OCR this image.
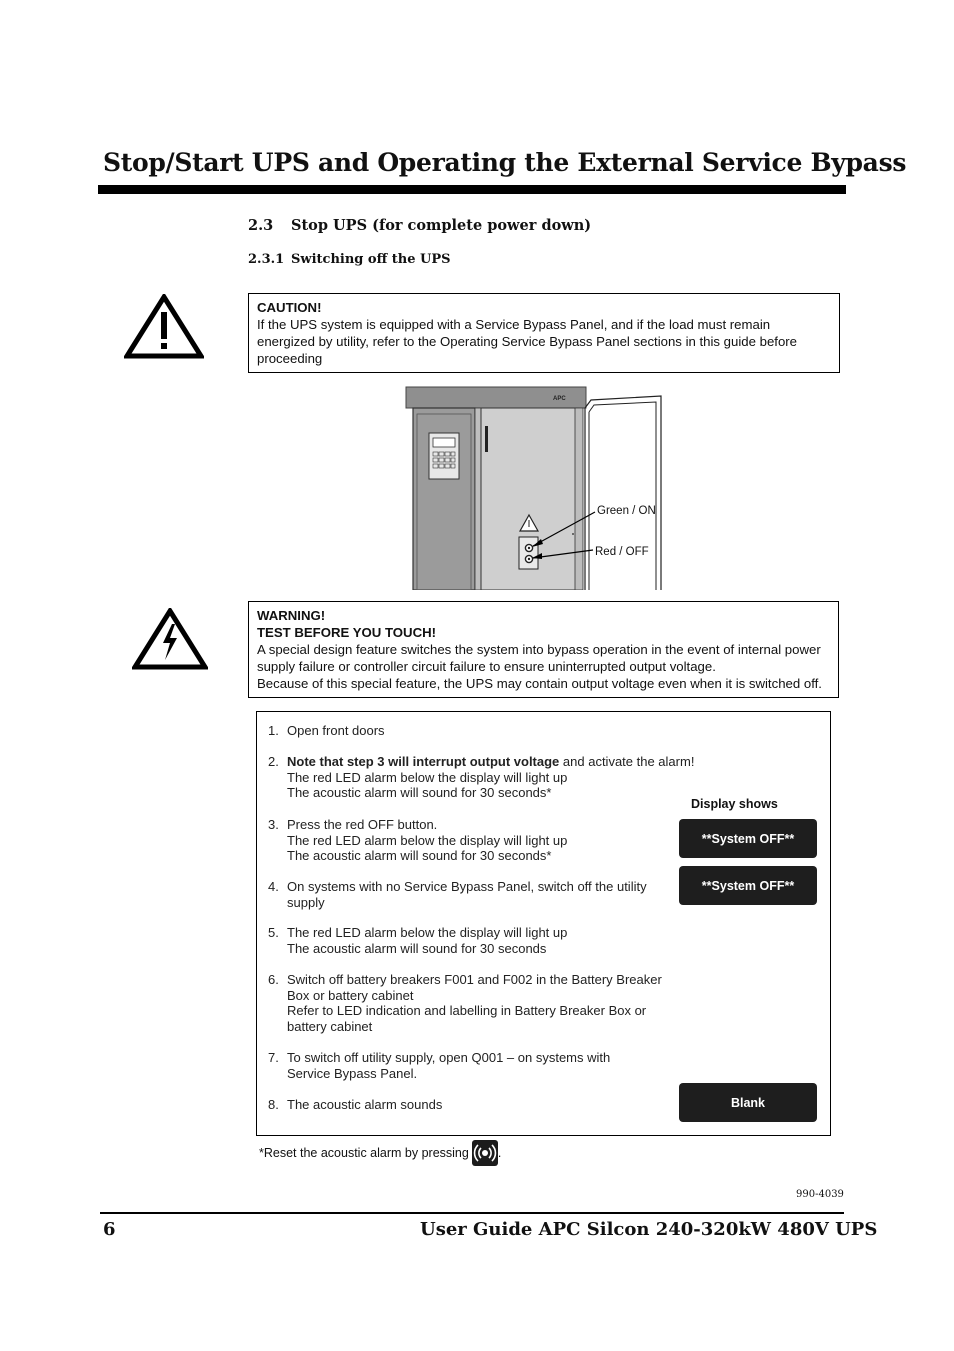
Stop/Start UPS and Operating the External Service Bypass
2.3 Stop UPS (for complete power down)
2.3.1 Switching off the UPS
CAUTION!
If the UPS system is equipped with a Service Bypass Panel, and if the load must remain energized by utility, refer to the Operating Service Bypass Panel sections in this guide before proceeding
APC
Green / ON
Red / OFF
WARNING!
TEST BEFORE YOU TOUCH!
A special design feature switches the system into bypass operation in the event of internal power supply failure or controller circuit failure to ensure uninterrupted output voltage.
Because of this special feature, the UPS may contain output voltage even when it is switched off.
1. Open front doors
2. Note that step 3 will interrupt output voltage and activate the alarm!
The red LED alarm below the display will light up
The acoustic alarm will sound for 30 seconds*
Display shows
3. Press the red OFF button.
The red LED alarm below the display will light up
The acoustic alarm will sound for 30 seconds*
**System OFF**
4. On systems with no Service Bypass Panel, switch off the utility supply
**System OFF**
5. The red LED alarm below the display will light up
The acoustic alarm will sound for 30 seconds
6. Switch off battery breakers F001 and F002 in the Battery Breaker Box or battery cabinet
Refer to LED indication and labelling in Battery Breaker Box or battery cabinet
7. To switch off utility supply, open Q001 – on systems with Service Bypass Panel.
8. The acoustic alarm sounds	Blank
*Reset the acoustic alarm by pressing .
990-4039
6	User Guide APC Silcon 240-320kW 480V UPS
